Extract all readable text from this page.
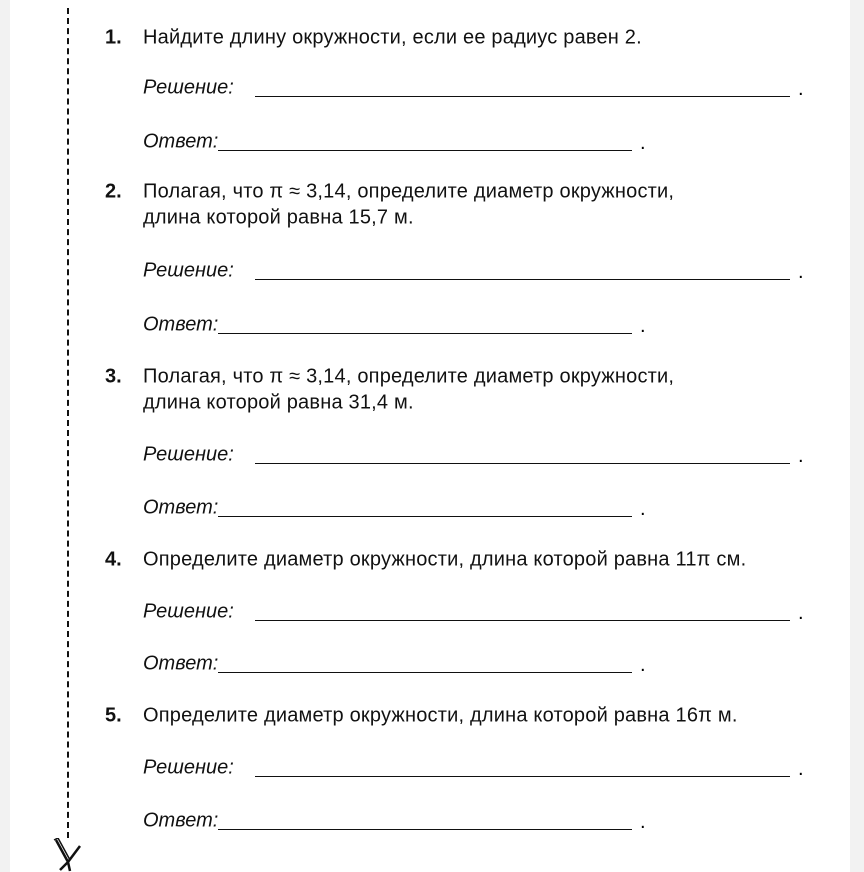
1. Найдите длину окружности, если ее радиус равен 2.
Решение:	.
Ответ:	.
2. Полагая, что π ≈ 3,14, определите диаметр окружности,
длина которой равна 15,7 м.
Решение:	.
Ответ:	.
3. Полагая, что π ≈ 3,14, определите диаметр окружности,
длина которой равна 31,4 м.
Решение:	.
Ответ:	.
4. Определите диаметр окружности, длина которой равна 11π см.
Решение:	.
Ответ:	.
5. Определите диаметр окружности, длина которой равна 16π м.
Решение:	.
Ответ:	.
